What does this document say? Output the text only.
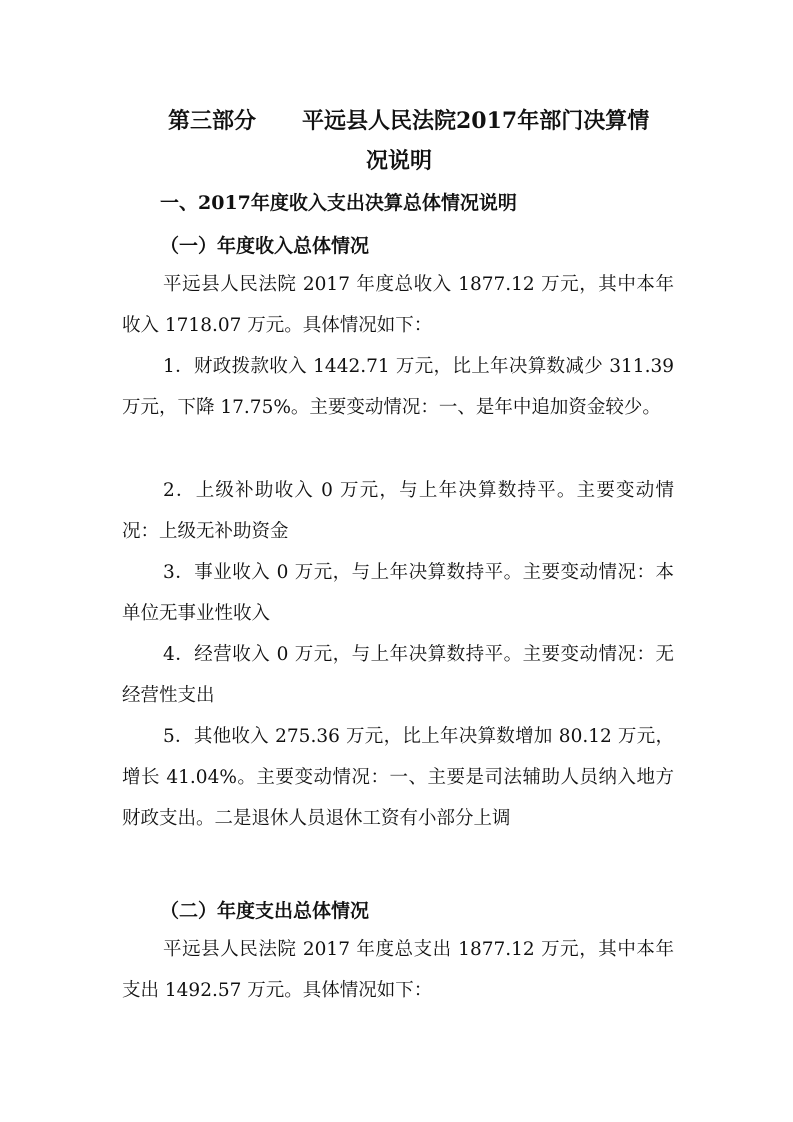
第三部分 平远县人民法院2017年部门决算情
况说明
一、2017年度收入支出决算总体情况说明
（一）年度收入总体情况

平远县人民法院 2017 年度总收入 1877.12 万元，其中本年收入 1718.07 万元。具体情况如下：

1．财政拨款收入 1442.71 万元，比上年决算数减少 311.39 万元，下降 17.75%。主要变动情况：一、是年中追加资金较少。

2．上级补助收入 0 万元，与上年决算数持平。主要变动情况：上级无补助资金

3．事业收入 0 万元，与上年决算数持平。主要变动情况：本单位无事业性收入

4．经营收入 0 万元，与上年决算数持平。主要变动情况：无经营性支出

5．其他收入 275.36 万元，比上年决算数增加 80.12 万元，增长 41.04%。主要变动情况：一、主要是司法辅助人员纳入地方财政支出。二是退休人员退休工资有小部分上调

（二）年度支出总体情况

平远县人民法院 2017 年度总支出 1877.12 万元，其中本年支出 1492.57 万元。具体情况如下：
